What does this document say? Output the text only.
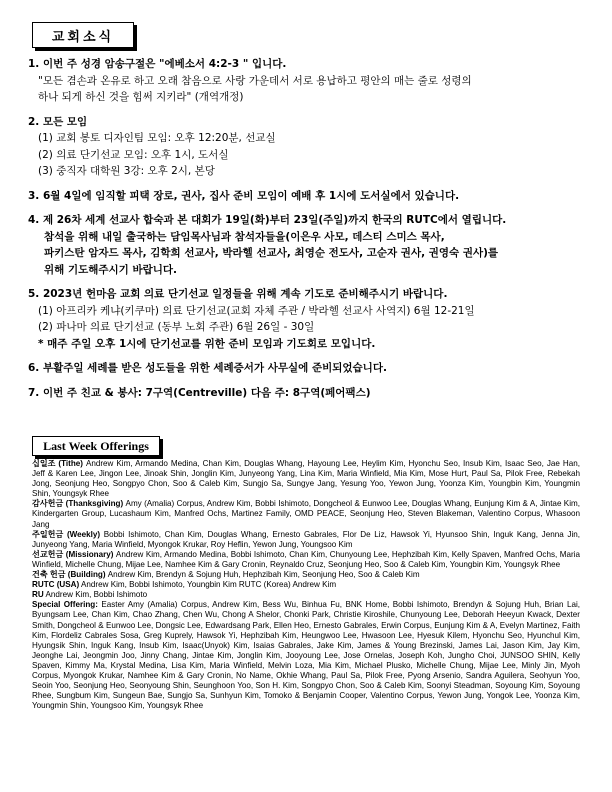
교회소식
1. 이번 주 성경 암송구절은 "에베소서 4:2-3 " 입니다.
"모든 겸손과 온유로 하고 오래 참음으로 사랑 가운데서 서로 용납하고 평안의 매는 줄로 성령의
하나 되게 하신 것을 힘써 지키라" (개역개정)
2. 모든 모임
(1) 교회 봉토 디자인팀 모임: 오후 12:20분, 선교실
(2) 의료 단기선교 모임: 오후 1시, 도서실
(3) 중직자 대학원 3강: 오후 2시, 본당
3. 6월 4일에 임직할 피택 장로, 권사, 집사 준비 모임이 예배 후 1시에 도서실에서 있습니다.
4. 제 26차 세계 선교사 합숙과 본 대회가 19일(화)부터 23일(주일)까지 한국의 RUTC에서 열립니다.
참석을 위해 내일 출국하는 담임목사님과 참석자들을(이은우 사모, 데스티 스미스 목사,
파키스탄 암자드 목사, 김학희 선교사, 박라헬 선교사, 최영순 전도사, 고순자 권사, 권영숙 권사)를
위해 기도해주시기 바랍니다.
5. 2023년 헌마음 교회 의료 단기선교 일정들을 위해 계속 기도로 준비해주시기 바랍니다.
(1) 아프리카 케냐(키쿠마) 의료 단기선교(교회 자체 주관 / 박라헬 선교사 사역지) 6월 12-21일
(2) 파나마 의료 단기선교 (동부 노회 주관) 6월 26일 - 30일
* 매주 주일 오후 1시에 단기선교를 위한 준비 모임과 기도회로 모입니다.
6. 부활주일 세례를 받은 성도들을 위한 세례증서가 사무실에 준비되었습니다.
7. 이번 주 친교 & 봉사: 7구역(Centreville) 다음 주: 8구역(페어팩스)
Last Week Offerings

십일조 (Tithe) Andrew Kim, Armando Medina, Chan Kim, Douglas Whang, Hayoung Lee, Heylim Kim, Hyonchu Seo, Insub Kim, Isaac Seo, Jae Han, Jeff & Karen Lee, Jingon Lee, Jinoak Shin, Jonglin Kim, Junyeong Yang, Lina Kim, Maria Winfield, Mia Kim, Mose Hurt, Paul Sa, Pilok Free, Rebekah Jong, Seonjung Heo, Songpyo Chon, Soo & Caleb Kim, Sungjo Sa, Sungye Jang, Yesung Yoo, Yewon Jung, Yoonza Kim, Youngbin Kim, Youngmin Shin, Youngsyk Rhee

감사헌금 (Thanksgiving) Amy (Amalia) Corpus, Andrew Kim, Bobbi Ishimoto, Dongcheol & Eunwoo Lee, Douglas Whang, Eunjung Kim & A, Jintae Kim, Kindergarten Group, Lucashaum Kim, Manfred Ochs, Martinez Family, OMD PEACE, Seonjung Heo, Steven Blakeman, Valentino Corpus, Whasoon Jang

주일헌금 (Weekly) Bobbi Ishimoto, Chan Kim, Douglas Whang, Ernesto Gabrales, Flor De Liz, Hawsok Yi, Hyunsoo Shin, Inguk Kang, Jenna Jin, Junyeong Yang, Maria Winfield, Myongok Krukar, Roy Heflin, Yewon Jung, Youngsoo Kim

선교헌금 (Missionary) Andrew Kim, Armando Medina, Bobbi Ishimoto, Chan Kim, Chunyoung Lee, Hephzibah Kim, Kelly Spaven, Manfred Ochs, Maria Winfield, Michelle Chung, Mijae Lee, Namhee Kim & Gary Cronin, Reynaldo Cruz, Seonjung Heo, Soo & Caleb Kim, Youngbin Kim, Youngsyk Rhee

건축 헌금 (Building) Andrew Kim, Brendyn & Sojung Huh, Hephzibah Kim, Seonjung Heo, Soo & Caleb Kim

RUTC (USA) Andrew Kim, Bobbi Ishimoto, Youngbin Kim RUTC (Korea) Andrew Kim

RU Andrew Kim, Bobbi Ishimoto

Special Offering: Easter Amy (Amalia) Corpus, Andrew Kim, Bess Wu, Binhua Fu, BNK Home, Bobbi Ishimoto, Brendyn & Sojung Huh, Brian Lai, Byungsam Lee, Chan Kim, Chao Zhang, Chen Wu, Chong A Shelor, Chonki Park, Christie Kiroshile, Chunyoung Lee, Deborah Heeyun Kwack, Dexter Smith, Dongcheol & Eunwoo Lee, Dongsic Lee, Edwardsang Park, Ellen Heo, Ernesto Gabrales, Erwin Corpus, Eunjung Kim & A, Evelyn Martinez, Faith Kim, Flordeliz Cabrales Sosa, Greg Kuprely, Hawsok Yi, Hephzibah Kim, Heungwoo Lee, Hwasoon Lee, Hyesuk Kilem, Hyonchu Seo, Hyunchul Kim, Hyungsik Shin, Inguk Kang, Insub Kim, Isaac(Unyok) Kim, Isaias Gabrales, Jake Kim, James & Young Brezinski, James Lai, Jason Kim, Jay Kim, Jeonghe Lai, Jeongmin Joo, Jinny Chang, Jintae Kim, Jonglin Kim, Jooyoung Lee, Jose Ornelas, Joseph Koh, Jungho Choi, JUNSOO SHIN, Kelly Spaven, Kimmy Ma, Krystal Medina, Lisa Kim, Maria Winfield, Melvin Loza, Mia Kim, Michael Plusko, Michelle Chung, Mijae Lee, Minly Jin, Myoh Corpus, Myongok Krukar, Namhee Kim & Gary Cronin, No Name, Okhie Whang, Paul Sa, Pilok Free, Pyong Arsenio, Sandra Aguilera, Seohyun Yoo, Seoin Yoo, Seonjung Heo, Seonyoung Shin, Seunghoon Yoo, Son H. Kim, Songpyo Chon, Soo & Caleb Kim, Soonyi Steadman, Soyoung Kim, Soyoung Rhee, Sungbum Kim, Sungeun Bae, Sungjo Sa, Sunhyun Kim, Tomoko & Benjamin Cooper, Valentino Corpus, Yewon Jung, Yongok Lee, Yoonza Kim, Youngmin Shin, Youngsoo Kim, Youngsyk Rhee
